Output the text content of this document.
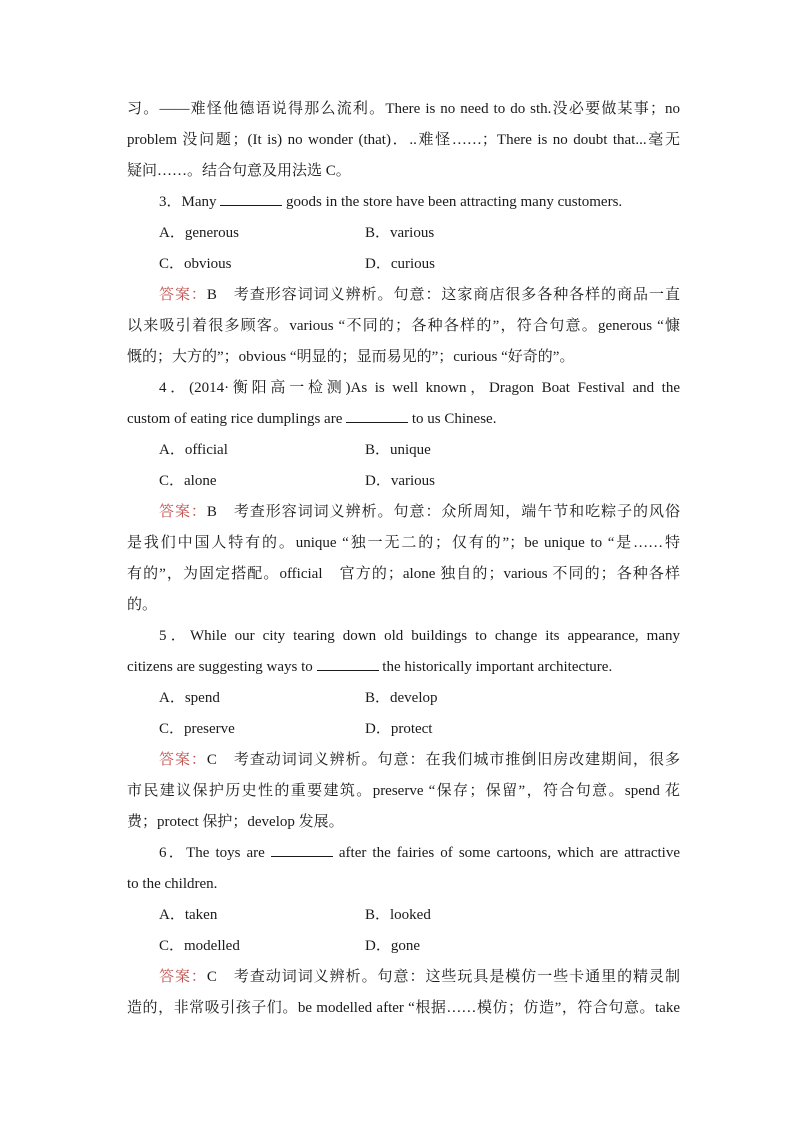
习。——难怪他德语说得那么流利。There is no need to do sth.没必要做某事；no
problem 没问题；(It is) no wonder (that)．..难怪……；There is no doubt that...毫无
疑问……。结合句意及用法选 C。
3．Many	goods in the store have been attracting many customers.
A．generous	B．various
C．obvious	D．curious
答案：B　考查形容词词义辨析。句意：这家商店很多各种各样的商品一直
以来吸引着很多顾客。various “不同的；各种各样的”，符合句意。generous “慷
慨的；大方的”；obvious “明显的；显而易见的”；curious “好奇的”。
4．(2014·衡阳高一检测)As is well known，Dragon Boat Festival and the
custom of eating rice dumplings are	to us Chinese.
A．official	B．unique
C．alone	D．various
答案：B　考查形容词词义辨析。句意：众所周知，端午节和吃粽子的风俗
是我们中国人特有的。unique “独一无二的；仅有的”；be unique to “是……特
有的”，为固定搭配。official　官方的；alone 独自的；various 不同的；各种各样
的。
5．While our city tearing down old buildings to change its appearance, many
citizens are suggesting ways to	the historically important architecture.
A．spend	B．develop
C．preserve	D．protect
答案：C　考查动词词义辨析。句意：在我们城市推倒旧房改建期间，很多
市民建议保护历史性的重要建筑。preserve “保存；保留”，符合句意。spend 花
费；protect 保护；develop 发展。
6．The toys are	after the fairies of some cartoons, which are attractive
to the children.
A．taken	B．looked
C．modelled	D．gone
答案：C　考查动词词义辨析。句意：这些玩具是模仿一些卡通里的精灵制
造的，非常吸引孩子们。be modelled after “根据……模仿；仿造”，符合句意。take
